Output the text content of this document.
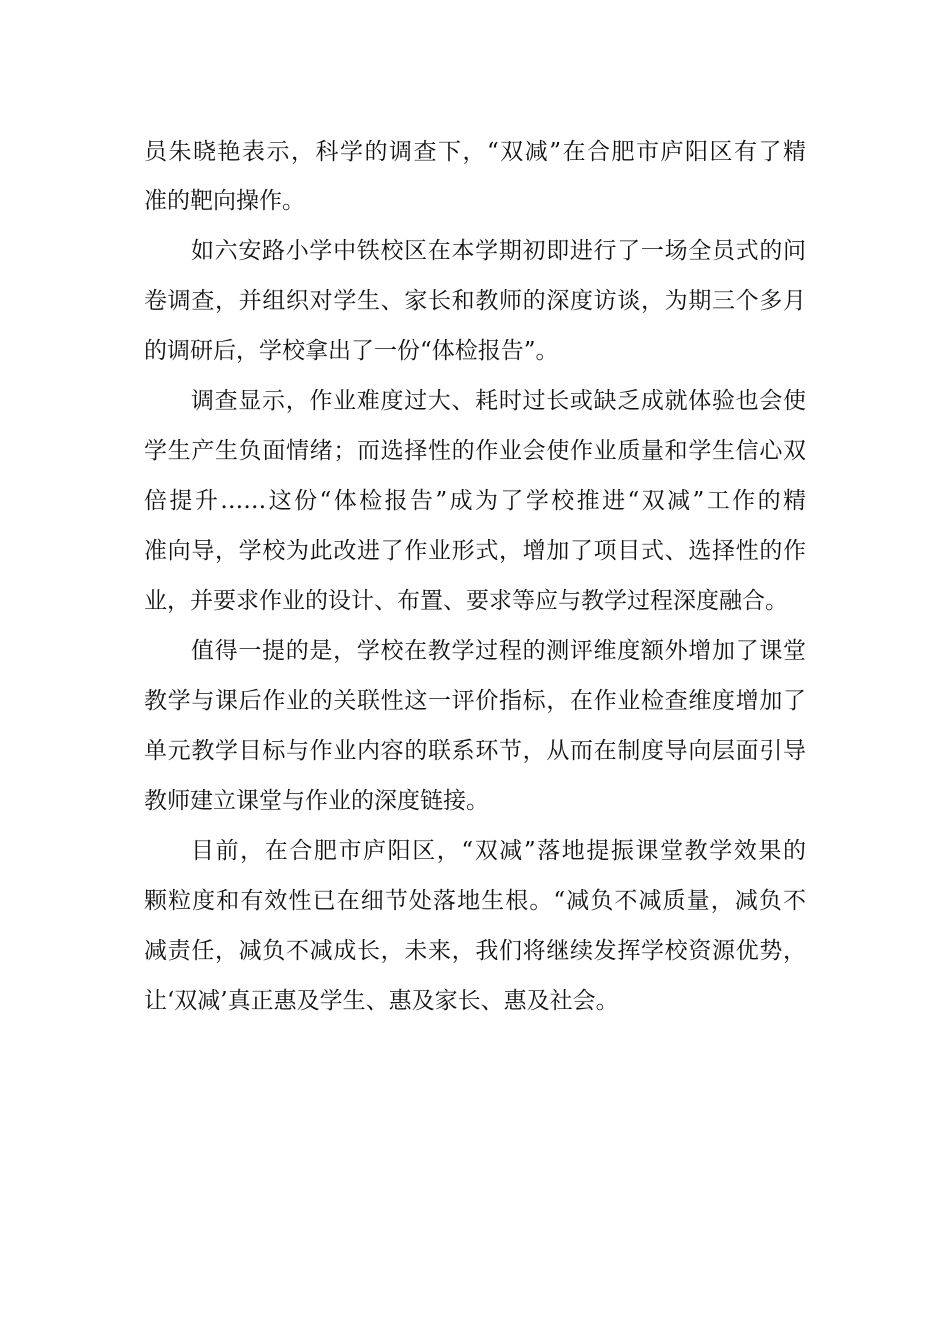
员朱晓艳表示，科学的调查下，“双减”在合肥市庐阳区有了精
准的靶向操作。
如六安路小学中铁校区在本学期初即进行了一场全员式的问
卷调查，并组织对学生、家长和教师的深度访谈，为期三个多月
的调研后，学校拿出了一份“体检报告”。
调查显示，作业难度过大、耗时过长或缺乏成就体验也会使
学生产生负面情绪；而选择性的作业会使作业质量和学生信心双
倍提升……这份“体检报告”成为了学校推进“双减”工作的精
准向导，学校为此改进了作业形式，增加了项目式、选择性的作
业，并要求作业的设计、布置、要求等应与教学过程深度融合。
值得一提的是，学校在教学过程的测评维度额外增加了课堂
教学与课后作业的关联性这一评价指标，在作业检查维度增加了
单元教学目标与作业内容的联系环节，从而在制度导向层面引导
教师建立课堂与作业的深度链接。
目前，在合肥市庐阳区，“双减”落地提振课堂教学效果的
颗粒度和有效性已在细节处落地生根。“减负不减质量，减负不
减责任，减负不减成长，未来，我们将继续发挥学校资源优势，
让‘双减’真正惠及学生、惠及家长、惠及社会。
